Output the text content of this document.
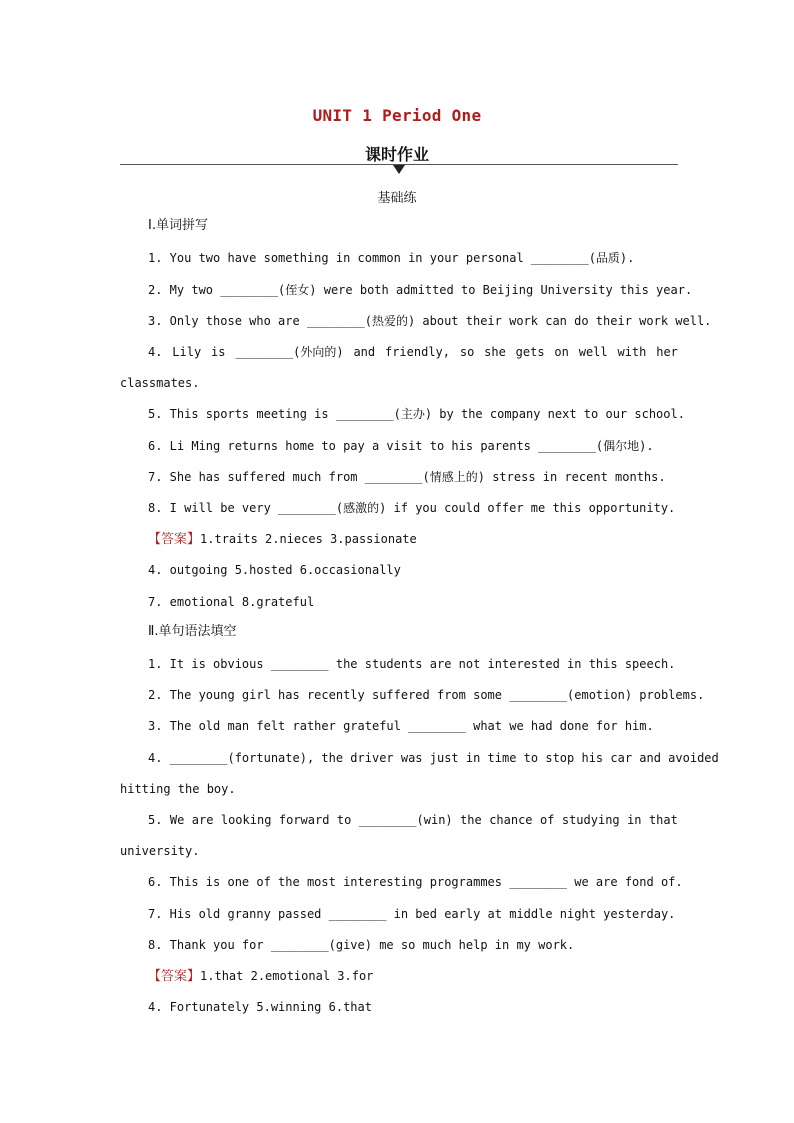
UNIT 1 Period One
课时作业
基础练
Ⅰ.单词拼写
1. You two have something in common in your personal ________(品质).
2. My two ________(侄女) were both admitted to Beijing University this year.
3. Only those who are ________(热爱的) about their work can do their work well.
4. Lily is ________(外向的) and friendly, so she gets on well with her
classmates.
5. This sports meeting is ________(主办) by the company next to our school.
6. Li Ming returns home to pay a visit to his parents ________(偶尔地).
7. She has suffered much from ________(情感上的) stress in recent months.
8. I will be very ________(感激的) if you could offer me this opportunity.
【答案】1.traits 2.nieces 3.passionate
4. outgoing 5.hosted 6.occasionally
7. emotional 8.grateful
Ⅱ.单句语法填空
1. It is obvious ________ the students are not interested in this speech.
2. The young girl has recently suffered from some ________(emotion) problems.
3. The old man felt rather grateful ________ what we had done for him.
4. ________(fortunate), the driver was just in time to stop his car and avoided
hitting the boy.
5. We are looking forward to ________(win) the chance of studying in that
university.
6. This is one of the most interesting programmes ________ we are fond of.
7. His old granny passed ________ in bed early at middle night yesterday.
8. Thank you for ________(give) me so much help in my work.
【答案】1.that 2.emotional 3.for
4. Fortunately 5.winning 6.that
